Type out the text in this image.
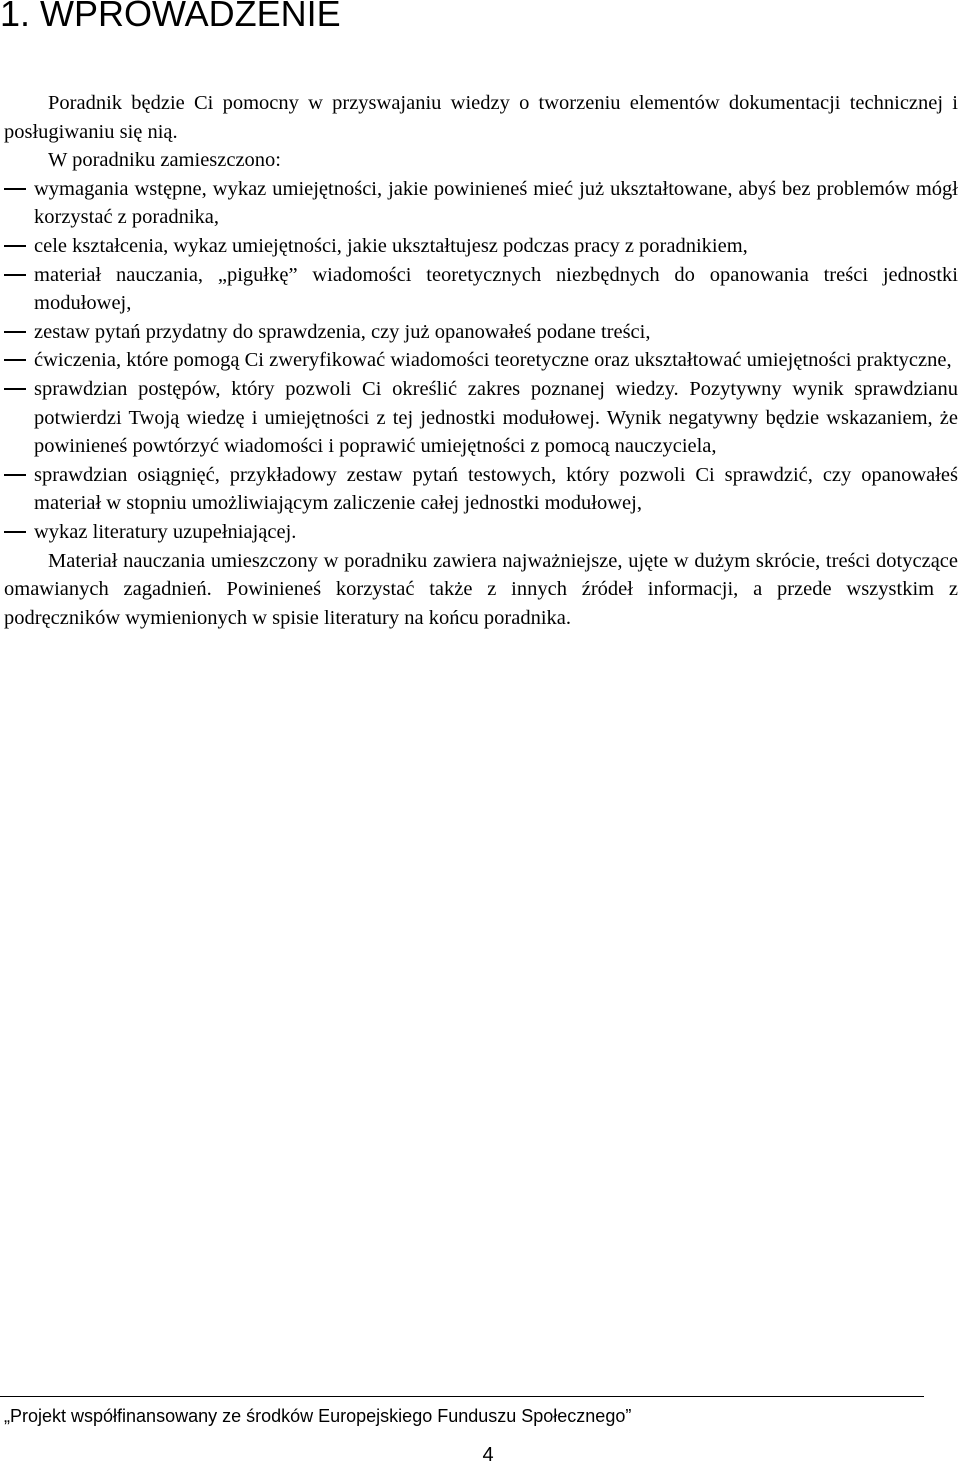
1. WPROWADZENIE

Poradnik będzie Ci pomocny w przyswajaniu wiedzy o tworzeniu elementów dokumentacji technicznej i posługiwaniu się nią.

W poradniku zamieszczono:

wymagania wstępne, wykaz umiejętności, jakie powinieneś mieć już ukształtowane, abyś bez problemów mógł korzystać z poradnika,
cele kształcenia, wykaz umiejętności, jakie ukształtujesz podczas pracy z poradnikiem,
materiał nauczania, „pigułkę” wiadomości teoretycznych niezbędnych do opanowania treści jednostki modułowej,
zestaw pytań przydatny do sprawdzenia, czy już opanowałeś podane treści,
ćwiczenia, które pomogą Ci zweryfikować wiadomości teoretyczne oraz ukształtować umiejętności praktyczne,
sprawdzian postępów, który pozwoli Ci określić zakres poznanej wiedzy. Pozytywny wynik sprawdzianu potwierdzi Twoją wiedzę i umiejętności z tej jednostki modułowej. Wynik negatywny będzie wskazaniem, że powinieneś powtórzyć wiadomości i poprawić umiejętności z pomocą nauczyciela,
sprawdzian osiągnięć, przykładowy zestaw pytań testowych, który pozwoli Ci sprawdzić, czy opanowałeś materiał w stopniu umożliwiającym zaliczenie całej jednostki modułowej,
wykaz literatury uzupełniającej.

Materiał nauczania umieszczony w poradniku zawiera najważniejsze, ujęte w dużym skrócie, treści dotyczące omawianych zagadnień. Powinieneś korzystać także z innych źródeł informacji, a przede wszystkim z podręczników wymienionych w spisie literatury na końcu poradnika.

„Projekt współfinansowany ze środków Europejskiego Funduszu Społecznego”

4
